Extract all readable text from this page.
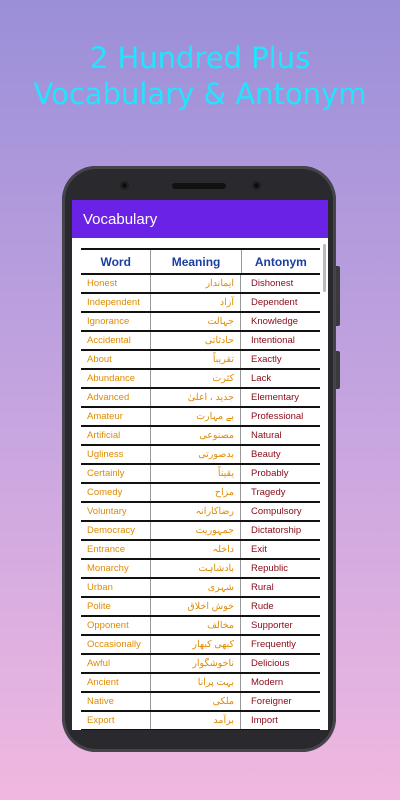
2 Hundred Plus
Vocabulary & Antonym
Vocabulary
Word	Meaning	Antonym
Honest	ایماندار	Dishonest
Independent	آزاد	Dependent
Ignorance	جہالت	Knowledge
Accidental	حادثاتی	Intentional
About	تقریباً	Exactly
Abundance	کثرت	Lack
Advanced	جدید ، اعلیٰ	Elementary
Amateur	بے مہارت	Professional
Artificial	مصنوعی	Natural
Ugliness	بدصورتی	Beauty
Certainly	یقیناً	Probably
Comedy	مزاح	Tragedy
Voluntary	رضاکارانہ	Compulsory
Democracy	جمہوریت	Dictatorship
Entrance	داخلہ	Exit
Monarchy	بادشاہت	Republic
Urban	شہری	Rural
Polite	خوش اخلاق	Rude
Opponent	مخالف	Supporter
Occasionally	کبھی کبھار	Frequently
Awful	ناخوشگوار	Delicious
Ancient	بہت پرانا	Modern
Native	ملکی	Foreigner
Export	برآمد	Import
